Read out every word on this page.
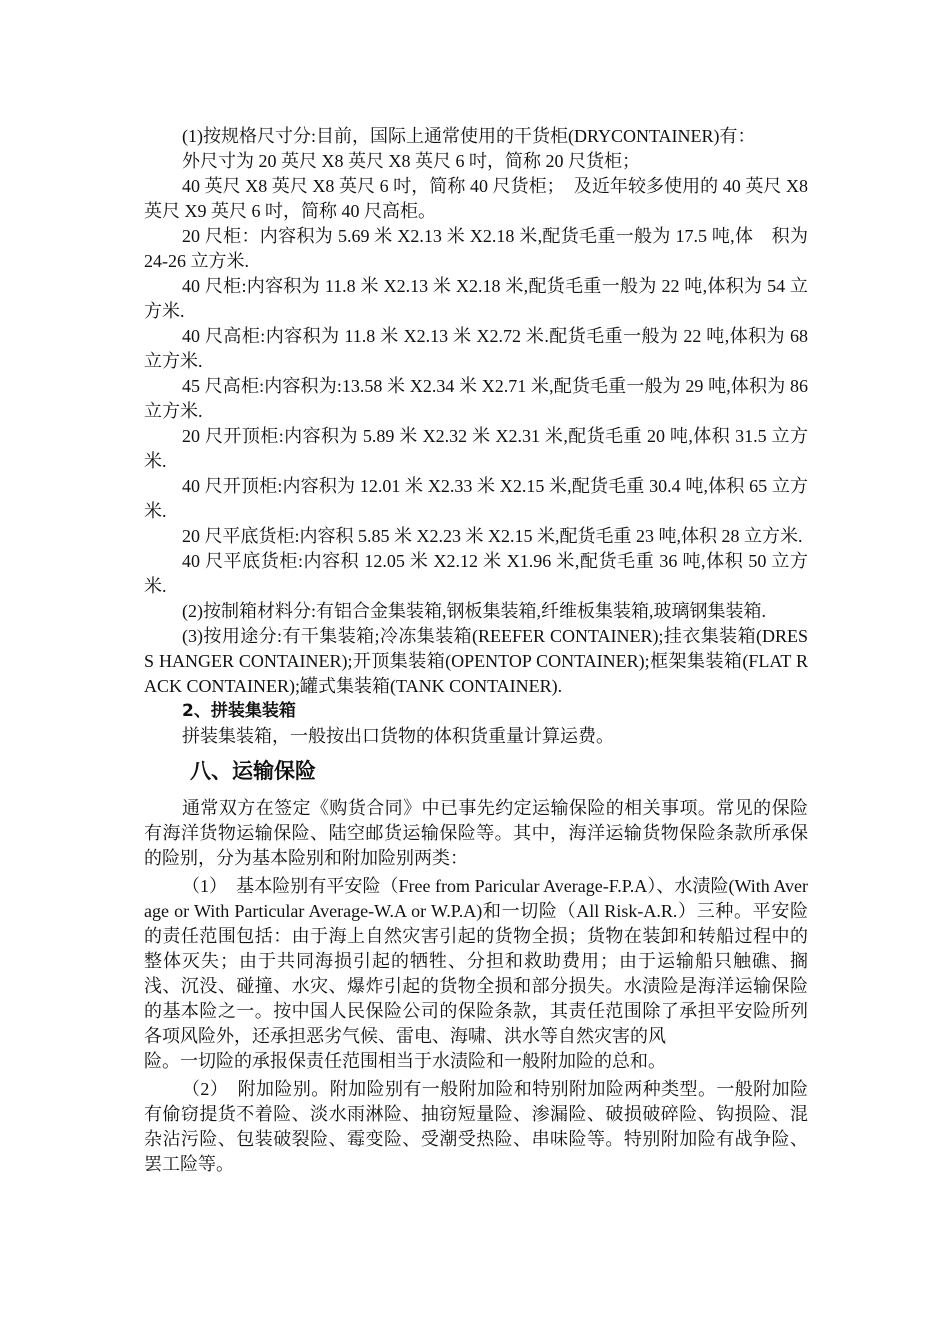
(1)按规格尺寸分:目前，国际上通常使用的干货柜(DRYCONTAINER)有：

外尺寸为 20 英尺 X8 英尺 X8 英尺 6 吋，简称 20 尺货柜；

40 英尺 X8 英尺 X8 英尺 6 吋，简称 40 尺货柜；　及近年较多使用的 40 英尺 X8 英尺 X9 英尺 6 吋，简称 40 尺高柜。

20 尺柜：内容积为 5.69 米 X2.13 米 X2.18 米,配货毛重一般为 17.5 吨,体　积为 24-26 立方米.

40 尺柜:内容积为 11.8 米 X2.13 米 X2.18 米,配货毛重一般为 22 吨,体积为 54 立方米.

40 尺高柜:内容积为 11.8 米 X2.13 米 X2.72 米.配货毛重一般为 22 吨,体积为 68 立方米.

45 尺高柜:内容积为:13.58 米 X2.34 米 X2.71 米,配货毛重一般为 29 吨,体积为 86 立方米.

20 尺开顶柜:内容积为 5.89 米 X2.32 米 X2.31 米,配货毛重 20 吨,体积 31.5 立方米.

40 尺开顶柜:内容积为 12.01 米 X2.33 米 X2.15 米,配货毛重 30.4 吨,体积 65 立方米.

20 尺平底货柜:内容积 5.85 米 X2.23 米 X2.15 米,配货毛重 23 吨,体积 28 立方米.

40 尺平底货柜:内容积 12.05 米 X2.12 米 X1.96 米,配货毛重 36 吨,体积 50 立方米.

(2)按制箱材料分:有铝合金集装箱,钢板集装箱,纤维板集装箱,玻璃钢集装箱.

(3)按用途分:有干集装箱;冷冻集装箱(REEFER CONTAINER);挂衣集装箱(DRESS HANGER CONTAINER);开顶集装箱(OPENTOP CONTAINER);框架集装箱(FLAT RACK CONTAINER);罐式集装箱(TANK CONTAINER).

2、拼装集装箱

拼装集装箱，一般按出口货物的体积货重量计算运费。

八、运输保险

通常双方在签定《购货合同》中已事先约定运输保险的相关事项。常见的保险有海洋货物运输保险、陆空邮货运输保险等。其中，海洋运输货物保险条款所承保的险别，分为基本险别和附加险别两类：

（1）　基本险别有平安险（Free from Paricular Average-F.P.A）、水渍险(With Average or With Particular Average-W.A or W.P.A)和一切险（All Risk-A.R.）三种。平安险的责任范围包括：由于海上自然灾害引起的货物全损；货物在装卸和转船过程中的整体灭失；由于共同海损引起的牺牲、分担和救助费用；由于运输船只触礁、搁浅、沉没、碰撞、水灾、爆炸引起的货物全损和部分损失。水渍险是海洋运输保险的基本险之一。按中国人民保险公司的保险条款，其责任范围除了承担平安险所列各项风险外，还承担恶劣气候、雷电、海啸、洪水等自然灾害的风

险。一切险的承报保责任范围相当于水渍险和一般附加险的总和。

（2）　附加险别。附加险别有一般附加险和特别附加险两种类型。一般附加险有偷窃提货不着险、淡水雨淋险、抽窃短量险、渗漏险、破损破碎险、钩损险、混杂沾污险、包装破裂险、霉变险、受潮受热险、串味险等。特别附加险有战争险、罢工险等。
